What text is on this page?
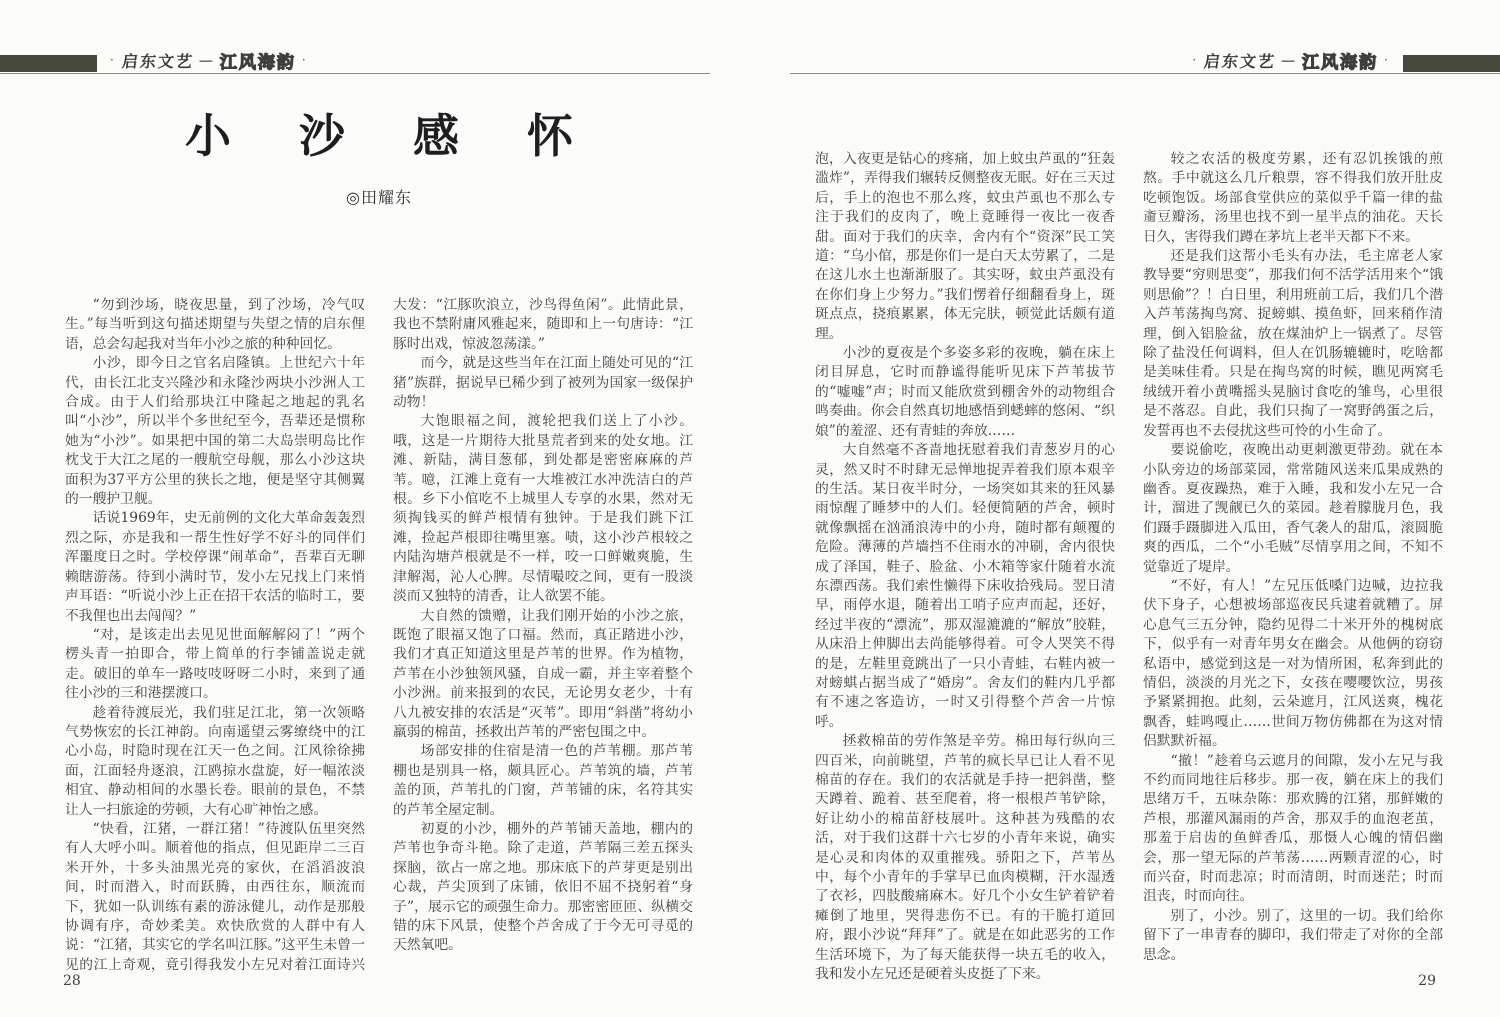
· 启东文艺 － 江风海韵 ·	· 启东文艺 － 江风海韵 ·
小 沙 感 怀
◎田耀东

“勿到沙场，晓夜思量，到了沙场，冷气叹生。”每当听到这句描述期望与失望之情的启东俚语，总会勾起我对当年小沙之旅的种种回忆。

小沙，即今日之官名启隆镇。上世纪六十年代，由长江北支兴隆沙和永隆沙两块小沙洲人工合成。由于人们给那块江中隆起之地起的乳名叫“小沙”，所以半个多世纪至今，吾辈还是惯称她为“小沙”。如果把中国的第二大岛崇明岛比作枕戈于大江之尾的一艘航空母舰，那么小沙这块面积为37平方公里的狭长之地，便是坚守其侧翼的一艘护卫舰。

话说1969年，史无前例的文化大革命轰轰烈烈之际，亦是我和一帮生性好学不好斗的同伴们浑噩度日之时。学校停课“闹革命”，吾辈百无聊赖瞎游荡。待到小满时节，发小左兄找上门来悄声耳语：“听说小沙上正在招干农活的临时工，要不我俚也出去闯闯？”

“对，是该走出去见见世面解解闷了！”两个楞头青一拍即合，带上简单的行李铺盖说走就走。破旧的单车一路吱吱呀呀二小时，来到了通往小沙的三和港摆渡口。

趁着待渡辰光，我们驻足江北，第一次领略气势恢宏的长江神韵。向南遥望云雾缭绕中的江心小岛，时隐时现在江天一色之间。江风徐徐拂面，江面轻舟逐浪，江鸥掠水盘旋，好一幅浓淡相宜、静动相间的水墨长卷。眼前的景色，不禁让人一扫旅途的劳顿，大有心旷神怡之感。

“快看，江猪，一群江猪！”待渡队伍里突然有人大呼小叫。顺着他的指点，但见距岸二三百米开外，十多头油黑光亮的家伙，在滔滔波浪间，时而潜入，时而跃腾，由西往东，顺流而下，犹如一队训练有素的游泳健儿，动作是那般协调有序，奇妙柔美。欢快欣赏的人群中有人说：“江猪，其实它的学名叫江豚。”这平生未曾一见的江上奇观，竟引得我发小左兄对着江面诗兴大发：“江豚吹浪立，沙鸟得鱼闲”。此情此景，我也不禁附庸风雅起来，随即和上一句唐诗：“江豚时出戏，惊波忽荡漾。”

而今，就是这些当年在江面上随处可见的“江猪”族群，据说早已稀少到了被列为国家一级保护动物！

大饱眼福之间，渡轮把我们送上了小沙。哦，这是一片期待大批垦荒者到来的处女地。江滩、新陆，满目葱郁，到处都是密密麻麻的芦苇。噫，江滩上竟有一大堆被江水冲洗洁白的芦根。乡下小倌吃不上城里人专享的水果，然对无须掏钱买的鲜芦根情有独钟。于是我们跳下江滩，捡起芦根即往嘴里塞。啧，这小沙芦根较之内陆沟塘芦根就是不一样，咬一口鲜嫩爽脆，生津解渴，沁人心脾。尽情嘬咬之间，更有一股淡淡而又独特的清香，让人欲罢不能。

大自然的馈赠，让我们刚开始的小沙之旅，既饱了眼福又饱了口福。然而，真正踏进小沙，我们才真正知道这里是芦苇的世界。作为植物，芦苇在小沙独领风骚，自成一霸，并主宰着整个小沙洲。前来报到的农民，无论男女老少，十有八九被安排的农活是“灭苇”。即用“斜凿”将幼小羸弱的棉苗，拯救出芦苇的严密包围之中。

场部安排的住宿是清一色的芦苇棚。那芦苇棚也是别具一格，颇具匠心。芦苇筑的墙，芦苇盖的顶，芦苇扎的门窗，芦苇铺的床，名符其实的芦苇全屋定制。

初夏的小沙，棚外的芦苇铺天盖地，棚内的芦苇也争奇斗艳。除了走道，芦苇隔三差五探头探脑，欲占一席之地。那床底下的芦芽更是别出心裁，芦尖顶到了床铺，依旧不屈不挠躬着“身子”，展示它的顽强生命力。那密密匝匝、纵横交错的床下风景，使整个芦舍成了于今无可寻觅的天然氧吧。

28

泡，入夜更是钻心的疼痛，加上蚊虫芦虱的“狂轰滥炸”，弄得我们辗转反侧整夜无眠。好在三天过后，手上的泡也不那么疼，蚊虫芦虱也不那么专注于我们的皮肉了，晚上竟睡得一夜比一夜香甜。面对于我们的庆幸，舍内有个“资深”民工笑道：“乌小倌，那是你们一是白天太劳累了，二是在这儿水土也渐渐服了。其实呀，蚊虫芦虱没有在你们身上少努力。”我们愣着仔细翻看身上，斑斑点点，挠痕累累，体无完肤，顿觉此话颇有道理。

小沙的夏夜是个多姿多彩的夜晚，躺在床上闭目屏息，它时而静谧得能听见床下芦苇拔节的“嘘嘘”声；时而又能欣赏到棚舍外的动物组合鸣奏曲。你会自然真切地感悟到蟋蟀的悠闲、“织娘”的羞涩、还有青蛙的奔放……

大自然毫不吝啬地抚慰着我们青葱岁月的心灵，然又时不时肆无忌惮地捉弄着我们原本艰辛的生活。某日夜半时分，一场突如其来的狂风暴雨惊醒了睡梦中的人们。轻便简陋的芦舍，顿时就像飘摇在汹涌浪涛中的小舟，随时都有颠覆的危险。薄薄的芦墙挡不住雨水的冲刷，舍内很快成了泽国，鞋子、脸盆、小木箱等家什随着水流东漂西荡。我们索性懒得下床收拾残局。翌日清早，雨停水退，随着出工哨子应声而起，还好，经过半夜的“漂流”，那双湿漉漉的“解放”胶鞋，从床沿上伸脚出去尚能够得着。可令人哭笑不得的是，左鞋里竟跳出了一只小青蛙，右鞋内被一对螃蜞占据当成了“婚房”。舍友们的鞋内几乎都有不速之客造访，一时又引得整个芦舍一片惊呼。

拯救棉苗的劳作煞是辛劳。棉田每行纵向三四百米，向前眺望，芦苇的疯长早已让人看不见棉苗的存在。我们的农活就是手持一把斜凿，整天蹲着、跪着、甚至爬着，将一根根芦苇铲除，好让幼小的棉苗舒枝展叶。这种甚为残酷的农活，对于我们这群十六七岁的小青年来说，确实是心灵和肉体的双重摧残。骄阳之下，芦苇丛中，每个小青年的手掌早已血肉模糊，汗水湿透了衣衫，四肢酸痛麻木。好几个小女生铲着铲着瘫倒了地里，哭得悲伤不已。有的干脆打道回府，跟小沙说“拜拜”了。就是在如此恶劣的工作生活环境下，为了每天能获得一块五毛的收入，我和发小左兄还是硬着头皮挺了下来。

较之农活的极度劳累，还有忍饥挨饿的煎熬。手中就这么几斤粮票，容不得我们放开肚皮吃顿饱饭。场部食堂供应的菜似乎千篇一律的盐齑豆瓣汤，汤里也找不到一星半点的油花。天长日久，害得我们蹲在茅坑上老半天都下不来。

还是我们这帮小毛头有办法，毛主席老人家教导要“穷则思变”，那我们何不活学活用来个“饿则思偷”？！白日里，利用班前工后，我们几个潜入芦苇荡掏鸟窝、捉螃蜞、摸鱼虾，回来稍作清理，倒入铝脸盆，放在煤油炉上一锅煮了。尽管除了盐没任何调料，但人在饥肠辘辘时，吃啥都是美味佳肴。只是在掏鸟窝的时候，瞧见两窝毛绒绒开着小黄嘴摇头晃脑讨食吃的雏鸟，心里很是不落忍。自此，我们只掏了一窝野鸽蛋之后，发誓再也不去侵扰这些可怜的小生命了。

要说偷吃，夜晚出动更刺激更带劲。就在本小队旁边的场部菜园，常常随风送来瓜果成熟的幽香。夏夜躁热，难于入睡，我和发小左兄一合计，溜进了觊觎已久的菜园。趁着朦胧月色，我们蹑手蹑脚进入瓜田，香气袭人的甜瓜，滚圆脆爽的西瓜，二个“小毛贼”尽情享用之间，不知不觉靠近了堤岸。

“不好，有人！”左兄压低嗓门边喊，边拉我伏下身子，心想被场部巡夜民兵逮着就糟了。屏心息气三五分钟，隐约见得二十米开外的槐树底下，似乎有一对青年男女在幽会。从他俩的窃窃私语中，感觉到这是一对为情所困，私奔到此的情侣，淡淡的月光之下，女孩在嘤嘤饮泣，男孩予紧紧拥抱。此刻，云朵遮月，江风送爽，槐花飘香，蛙鸣嘎止……世间万物仿佛都在为这对情侣默默祈福。

“撤！”趁着乌云遮月的间隙，发小左兄与我不约而同地往后移步。那一夜，躺在床上的我们思绪万千，五味杂陈：那欢腾的江猪，那鲜嫩的芦根，那灌风漏雨的芦舍，那双手的血泡老茧，那羞于启齿的鱼鲜香瓜，那慑人心魄的情侣幽会，那一望无际的芦苇荡……两颗青涩的心，时而兴奋，时而悲凉；时而清朗，时而迷茫；时而沮丧，时而向往。

别了，小沙。别了，这里的一切。我们给你留下了一串青春的脚印，我们带走了对你的全部思念。

29
